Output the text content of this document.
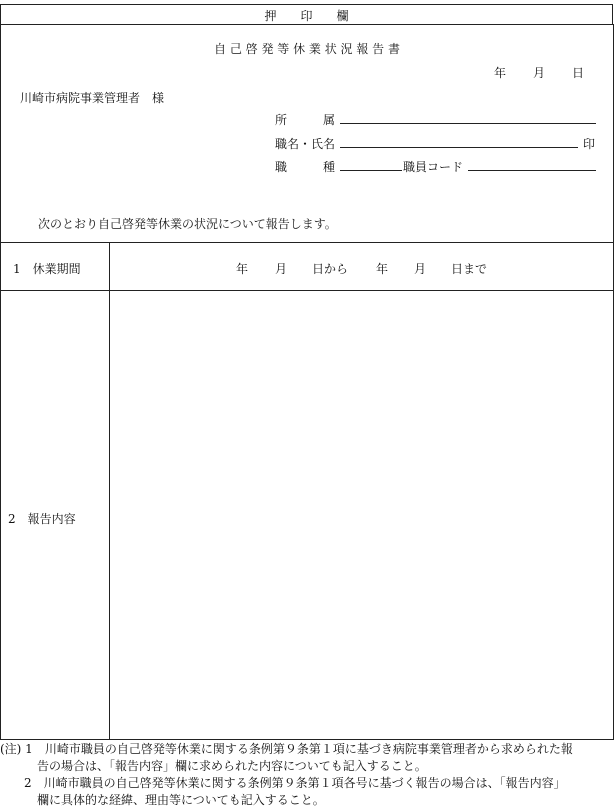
押　　印　　欄
自 己 啓 発 等 休 業 状 況 報 告 書
年 月 日
川崎市病院事業管理者　様
所　　　属
職名・氏名	印
職　　　種	職員コード
次のとおり自己啓発等休業の状況について報告します。
1　休業期間	年 月 日から 年 月 日まで
2　報告内容
(注) 1　川崎市職員の自己啓発等休業に関する条例第９条第１項に基づき病院事業管理者から求められた報
告の場合は、「報告内容」欄に求められた内容についても記入すること。
2　川崎市職員の自己啓発等休業に関する条例第９条第１項各号に基づく報告の場合は、「報告内容」
欄に具体的な経緯、理由等についても記入すること。
